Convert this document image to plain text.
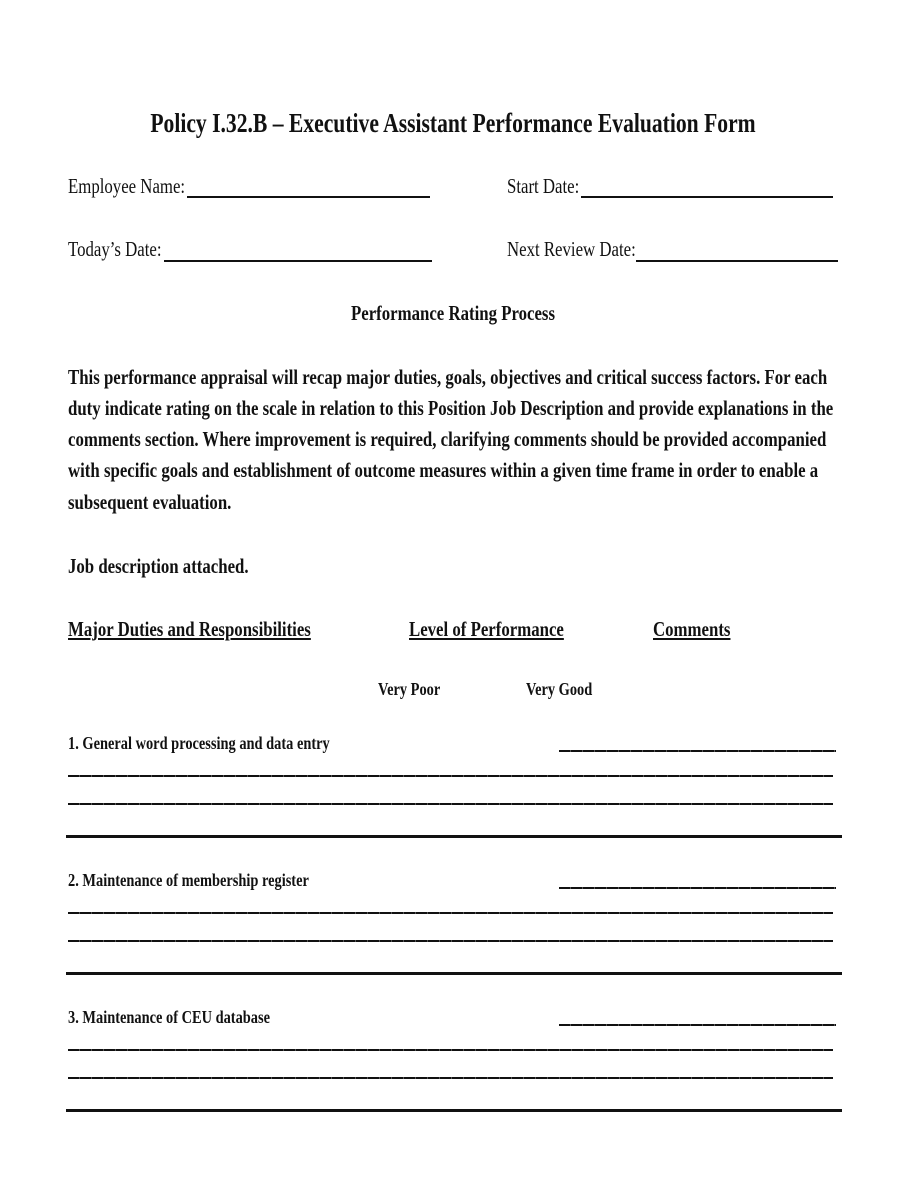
Policy I.32.B – Executive Assistant Performance Evaluation Form
Employee Name:	Start Date:
Today’s Date:	Next Review Date:
Performance Rating Process
This performance appraisal will recap major duties, goals, objectives and critical success factors. For each
duty indicate rating on the scale in relation to this Position Job Description and provide explanations in the
comments section. Where improvement is required, clarifying comments should be provided accompanied
with specific goals and establishment of outcome measures within a given time frame in order to enable a
subsequent evaluation.
Job description attached.
Major Duties and Responsibilities	Level of Performance	Comments
Very Poor	Very Good
1. General word processing and data entry
2. Maintenance of membership register
3. Maintenance of CEU database
